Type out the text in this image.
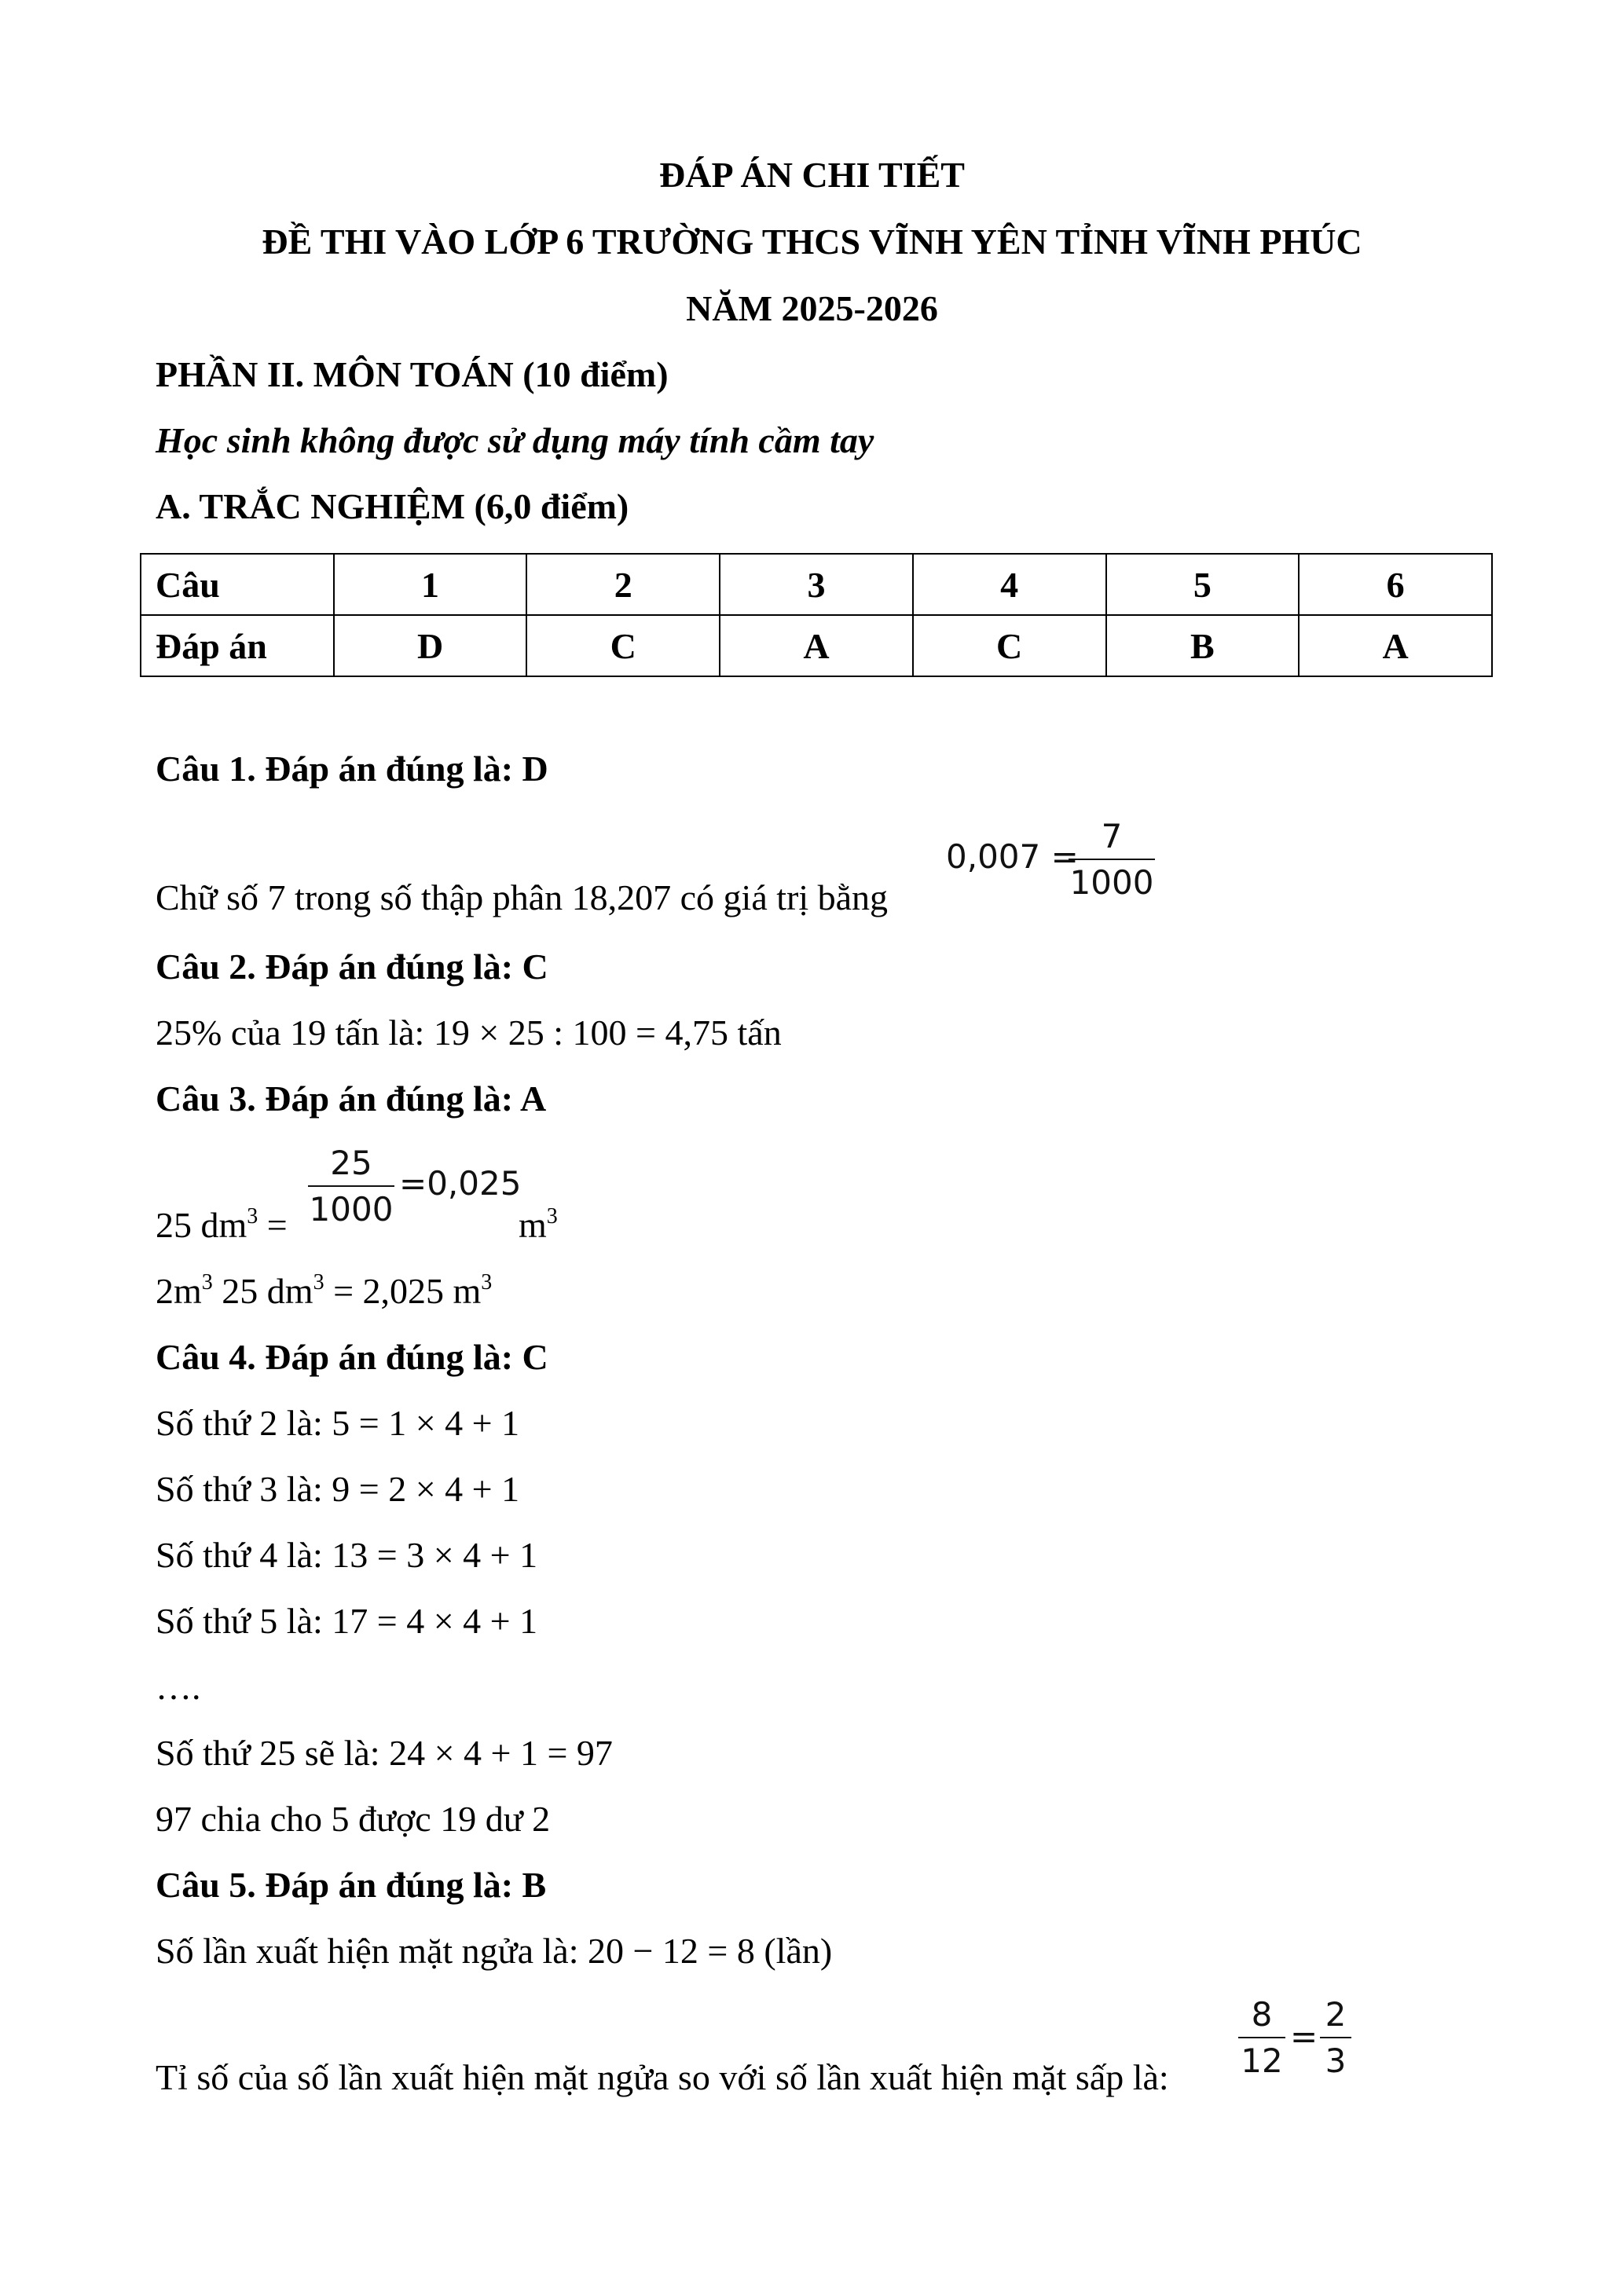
ĐÁP ÁN CHI TIẾT
ĐỀ THI VÀO LỚP 6 TRƯỜNG THCS VĨNH YÊN TỈNH VĨNH PHÚC
NĂM 2025-2026
PHẦN II. MÔN TOÁN (10 điểm)
Học sinh không được sử dụng máy tính cầm tay
A. TRẮC NGHIỆM (6,0 điểm)
Câu	1	2	3	4	5	6
Đáp án	D	C	A	C	B	A
Câu 1. Đáp án đúng là: D
Chữ số 7 trong số thập phân 18,207 có giá trị bằng
0,007 =
7
1000
Câu 2. Đáp án đúng là: C
25% của 19 tấn là: 19 × 25 : 100 = 4,75 tấn
Câu 3. Đáp án đúng là: A
25 $dm^3$ =
25
1000
=0,025
$m^3$
$2m^3$ 25 $dm^3 = 2,025$ $m^3$
Câu 4. Đáp án đúng là: C
Số thứ 2 là: 5 = 1 × 4 + 1
Số thứ 3 là: 9 = 2 × 4 + 1
Số thứ 4 là: 13 = 3 × 4 + 1
Số thứ 5 là: 17 = 4 × 4 + 1
….
Số thứ 25 sẽ là: 24 × 4 + 1 = 97
97 chia cho 5 được 19 dư 2
Câu 5. Đáp án đúng là: B
Số lần xuất hiện mặt ngửa là: 20 − 12 = 8 (lần)
Tỉ số của số lần xuất hiện mặt ngửa so với số lần xuất hiện mặt sấp là:
8
12
=
2
3
